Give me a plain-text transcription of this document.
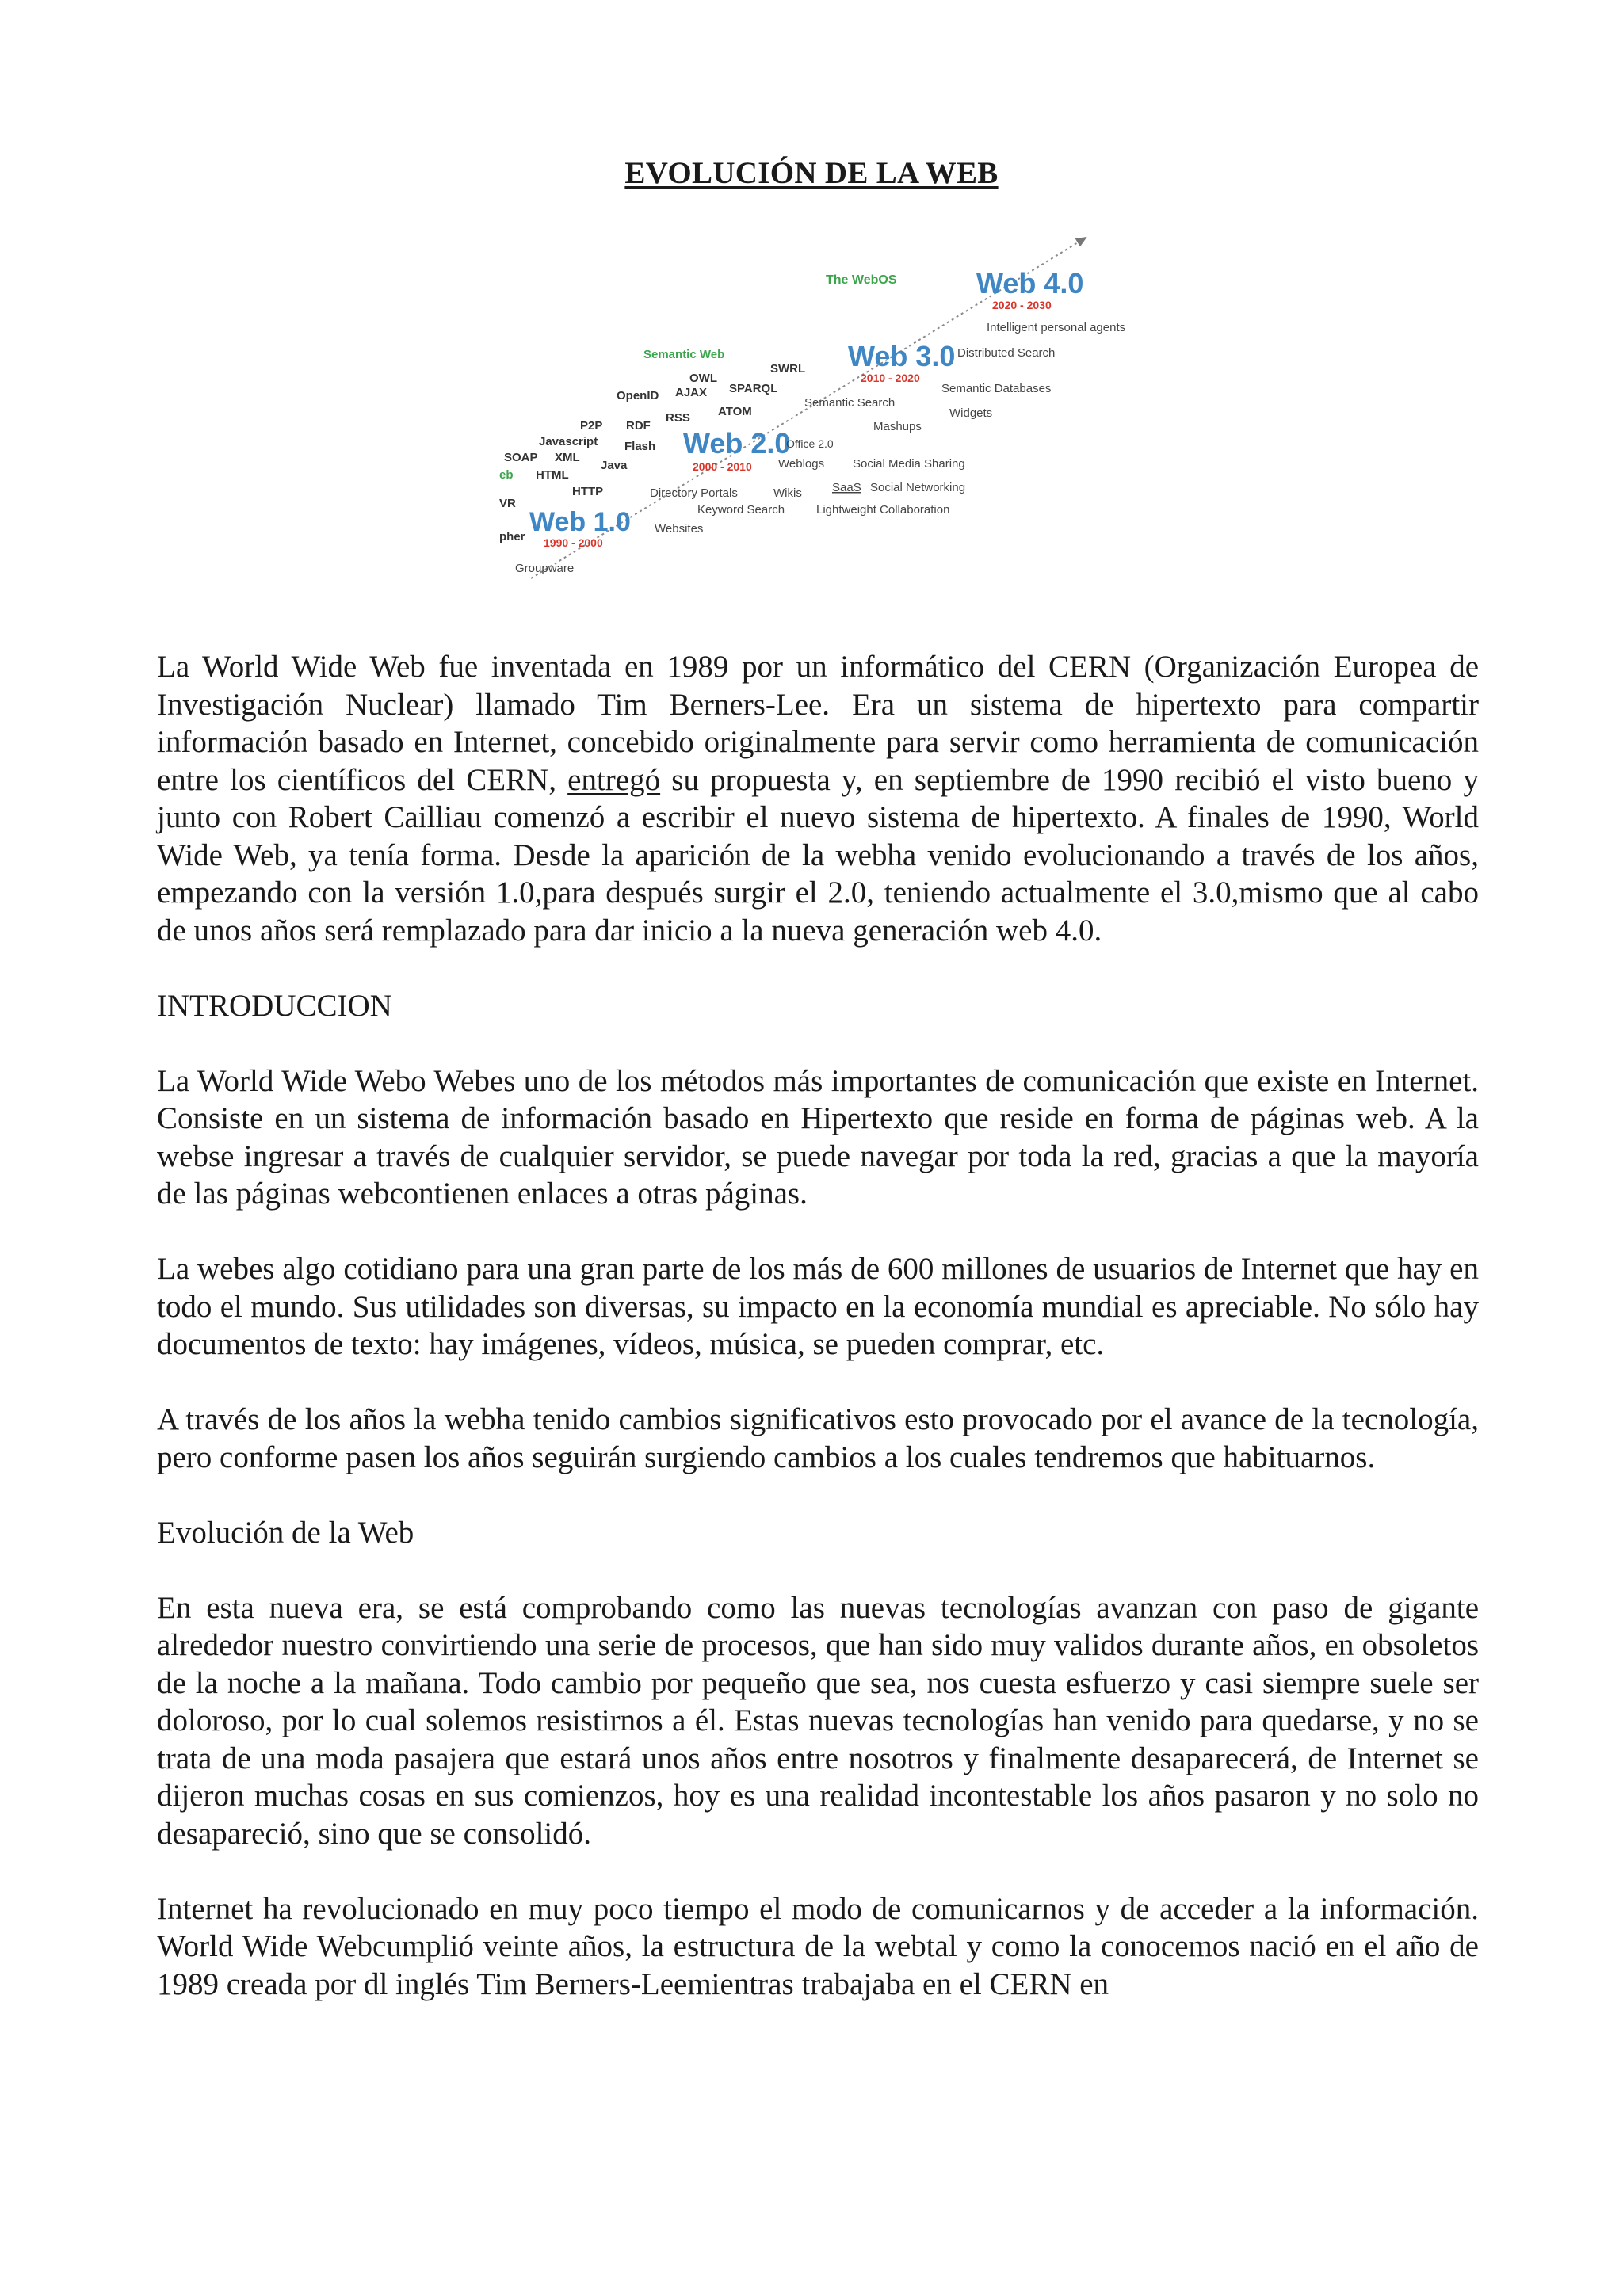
EVOLUCIÓN DE LA WEB
Web 4.0
2020 - 2030
The WebOS
Intelligent personal agents
Distributed Search
Web 3.0
2010 - 2020
Semantic Web
SWRL
OWL
SPARQL
OpenID AJAX
ATOM
Semantic Databases
Semantic Search
Widgets
Mashups
Web 2.0
2000 - 2010
RSS
P2P RDF
Javascript Flash
SOAP XML
Java
eb HTML
HTTP
Office 2.0
Weblogs Social Media Sharing
SaaS Social Networking
Directory Portals	Wikis
Keyword Search	Lightweight Collaboration
Web 1.0
1990 - 2000
VR
pher
Websites
Groupware

La World Wide Web fue inventada en 1989 por un informático del CERN (Organización Europea de Investigación Nuclear) llamado Tim Berners-Lee. Era un sistema de hipertexto para compartir información basado en Internet, concebido originalmente para servir como herramienta de comunicación entre los científicos del CERN, entregó su propuesta y, en septiembre de 1990 recibió el visto bueno y junto con Robert Cailliau comenzó a escribir el nuevo sistema de hipertexto. A finales de 1990, World Wide Web, ya tenía forma. Desde la aparición de la webha venido evolucionando a través de los años, empezando con la versión 1.0,para después surgir el 2.0, teniendo actualmente el 3.0,mismo que al cabo de unos años será remplazado para dar inicio a la nueva generación web 4.0.

INTRODUCCION

La World Wide Webo Webes uno de los métodos más importantes de comunicación que existe en Internet. Consiste en un sistema de información basado en Hipertexto que reside en forma de páginas web. A la webse ingresar a través de cualquier servidor, se puede navegar por toda la red, gracias a que la mayoría de las páginas webcontienen enlaces a otras páginas.

La webes algo cotidiano para una gran parte de los más de 600 millones de usuarios de Internet que hay en todo el mundo. Sus utilidades son diversas, su impacto en la economía mundial es apreciable. No sólo hay documentos de texto: hay imágenes, vídeos, música, se pueden comprar, etc.

A través de los años la webha tenido cambios significativos esto provocado por el avance de la tecnología, pero conforme pasen los años seguirán surgiendo cambios a los cuales tendremos que habituarnos.

Evolución de la Web

En esta nueva era, se está comprobando como las nuevas tecnologías avanzan con paso de gigante alrededor nuestro convirtiendo una serie de procesos, que han sido muy validos durante años, en obsoletos de la noche a la mañana. Todo cambio por pequeño que sea, nos cuesta esfuerzo y casi siempre suele ser doloroso, por lo cual solemos resistirnos a él. Estas nuevas tecnologías han venido para quedarse, y no se trata de una moda pasajera que estará unos años entre nosotros y finalmente desaparecerá, de Internet se dijeron muchas cosas en sus comienzos, hoy es una realidad incontestable los años pasaron y no solo no desapareció, sino que se consolidó.

Internet ha revolucionado en muy poco tiempo el modo de comunicarnos y de acceder a la información. World Wide Webcumplió veinte años, la estructura de la webtal y como la conocemos nació en el año de 1989 creada por dl inglés Tim Berners-Leemientras trabajaba en el CERN en
